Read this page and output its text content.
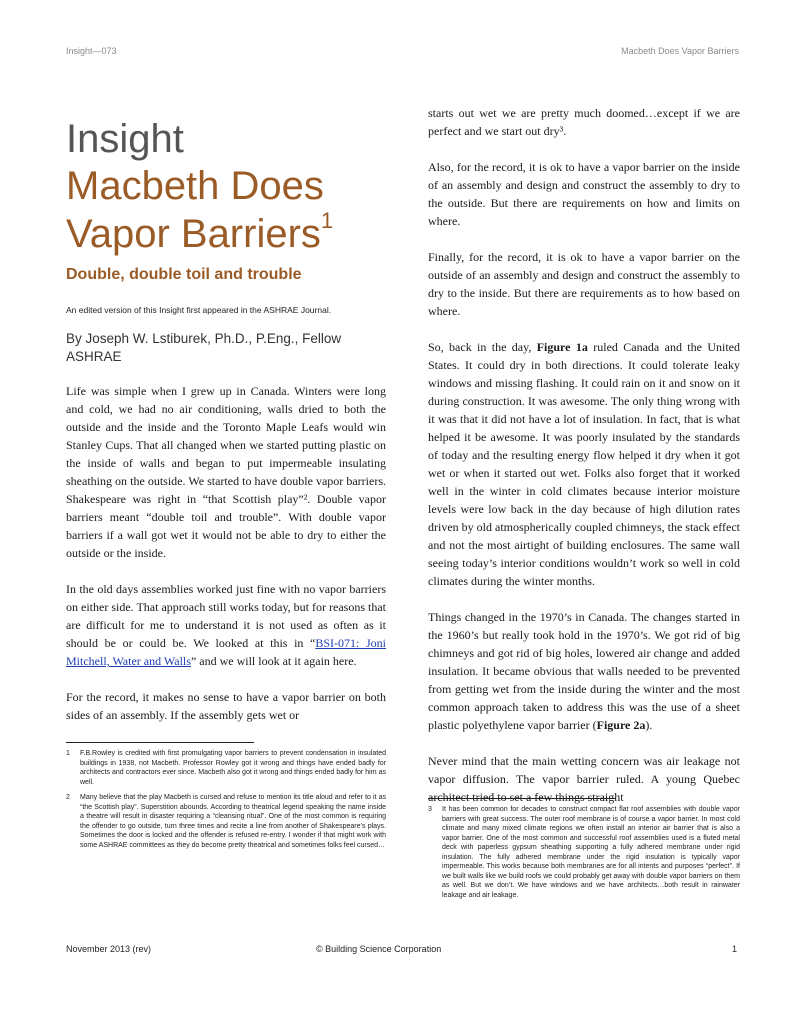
Insight—073	Macbeth Does Vapor Barriers
Insight
Macbeth Does
Vapor Barriers$^1$
Double, double toil and trouble
An edited version of this Insight first appeared in the ASHRAE Journal.
By Joseph W. Lstiburek, Ph.D., P.Eng., Fellow ASHRAE

Life was simple when I grew up in Canada. Winters were long and cold, we had no air conditioning, walls dried to both the outside and the inside and the Toronto Maple Leafs would win Stanley Cups. That all changed when we started putting plastic on the inside of walls and began to put impermeable insulating sheathing on the outside. We started to have double vapor barriers. Shakespeare was right in “that Scottish play”². Double vapor barriers meant “double toil and trouble”. With double vapor barriers if a wall got wet it would not be able to dry to either the outside or the inside.

In the old days assemblies worked just fine with no vapor barriers on either side. That approach still works today, but for reasons that are difficult for me to understand it is not used as often as it should be or could be. We looked at this in “BSI-071: Joni Mitchell, Water and Walls” and we will look at it again here.

For the record, it makes no sense to have a vapor barrier on both sides of an assembly. If the assembly gets wet or

1	F.B.Rowley is credited with first promulgating vapor barriers to prevent condensation in insulated buildings in 1938, not Macbeth. Professor Rowley got it wrong and things have ended badly for architects and contractors ever since. Macbeth also got it wrong and things ended badly for him as well.
2	Many believe that the play Macbeth is cursed and refuse to mention its title aloud and refer to it as “the Scottish play”. Superstition abounds. According to theatrical legend speaking the name inside a theatre will result in disaster requiring a “cleansing ritual”. One of the most common is requiring the offender to go outside, turn three times and recite a line from another of Shakespeare’s plays. Sometimes the door is locked and the offender is refused re-entry. I wonder if that might work with some ASHRAE committees as they do become pretty theatrical and sometimes folks feel cursed…

starts out wet we are pretty much doomed…except if we are perfect and we start out dry³.

Also, for the record, it is ok to have a vapor barrier on the inside of an assembly and design and construct the assembly to dry to the outside. But there are requirements on how and limits on where.

Finally, for the record, it is ok to have a vapor barrier on the outside of an assembly and design and construct the assembly to dry to the inside. But there are requirements as to how based on where.

So, back in the day, Figure 1a ruled Canada and the United States. It could dry in both directions. It could tolerate leaky windows and missing flashing. It could rain on it and snow on it during construction. It was awesome. The only thing wrong with it was that it did not have a lot of insulation. In fact, that is what helped it be awesome. It was poorly insulated by the standards of today and the resulting energy flow helped it dry when it got wet or when it started out wet. Folks also forget that it worked well in the winter in cold climates because interior moisture levels were low back in the day because of high dilution rates driven by old atmospherically coupled chimneys, the stack effect and not the most airtight of building enclosures. The same wall seeing today’s interior conditions wouldn’t work so well in cold climates during the winter months.

Things changed in the 1970’s in Canada. The changes started in the 1960’s but really took hold in the 1970’s. We got rid of big chimneys and got rid of big holes, lowered air change and added insulation. It became obvious that walls needed to be prevented from getting wet from the inside during the winter and the most common approach taken to address this was the use of a sheet plastic polyethylene vapor barrier (Figure 2a).

Never mind that the main wetting concern was air leakage not vapor diffusion. The vapor barrier ruled. A young Quebec architect tried to set a few things straight

3	It has been common for decades to construct compact flat roof assemblies with double vapor barriers with great success. The outer roof membrane is of course a vapor barrier. In most cold climate and many mixed climate regions we often install an interior air barrier that is also a vapor barrier. One of the most common and successful roof assemblies used is a fluted metal deck with paperless gypsum sheathing supporting a fully adhered membrane under rigid insulation. The fully adhered membrane under the rigid insulation is typically vapor impermeable. This works because both membranes are for all intents and purposes “perfect”. If we built walls like we build roofs we could probably get away with double vapor barriers on them as well. But we don’t. We have windows and we have architects…both result in rainwater leakage and air leakage.
November 2013 (rev)	© Building Science Corporation	1
